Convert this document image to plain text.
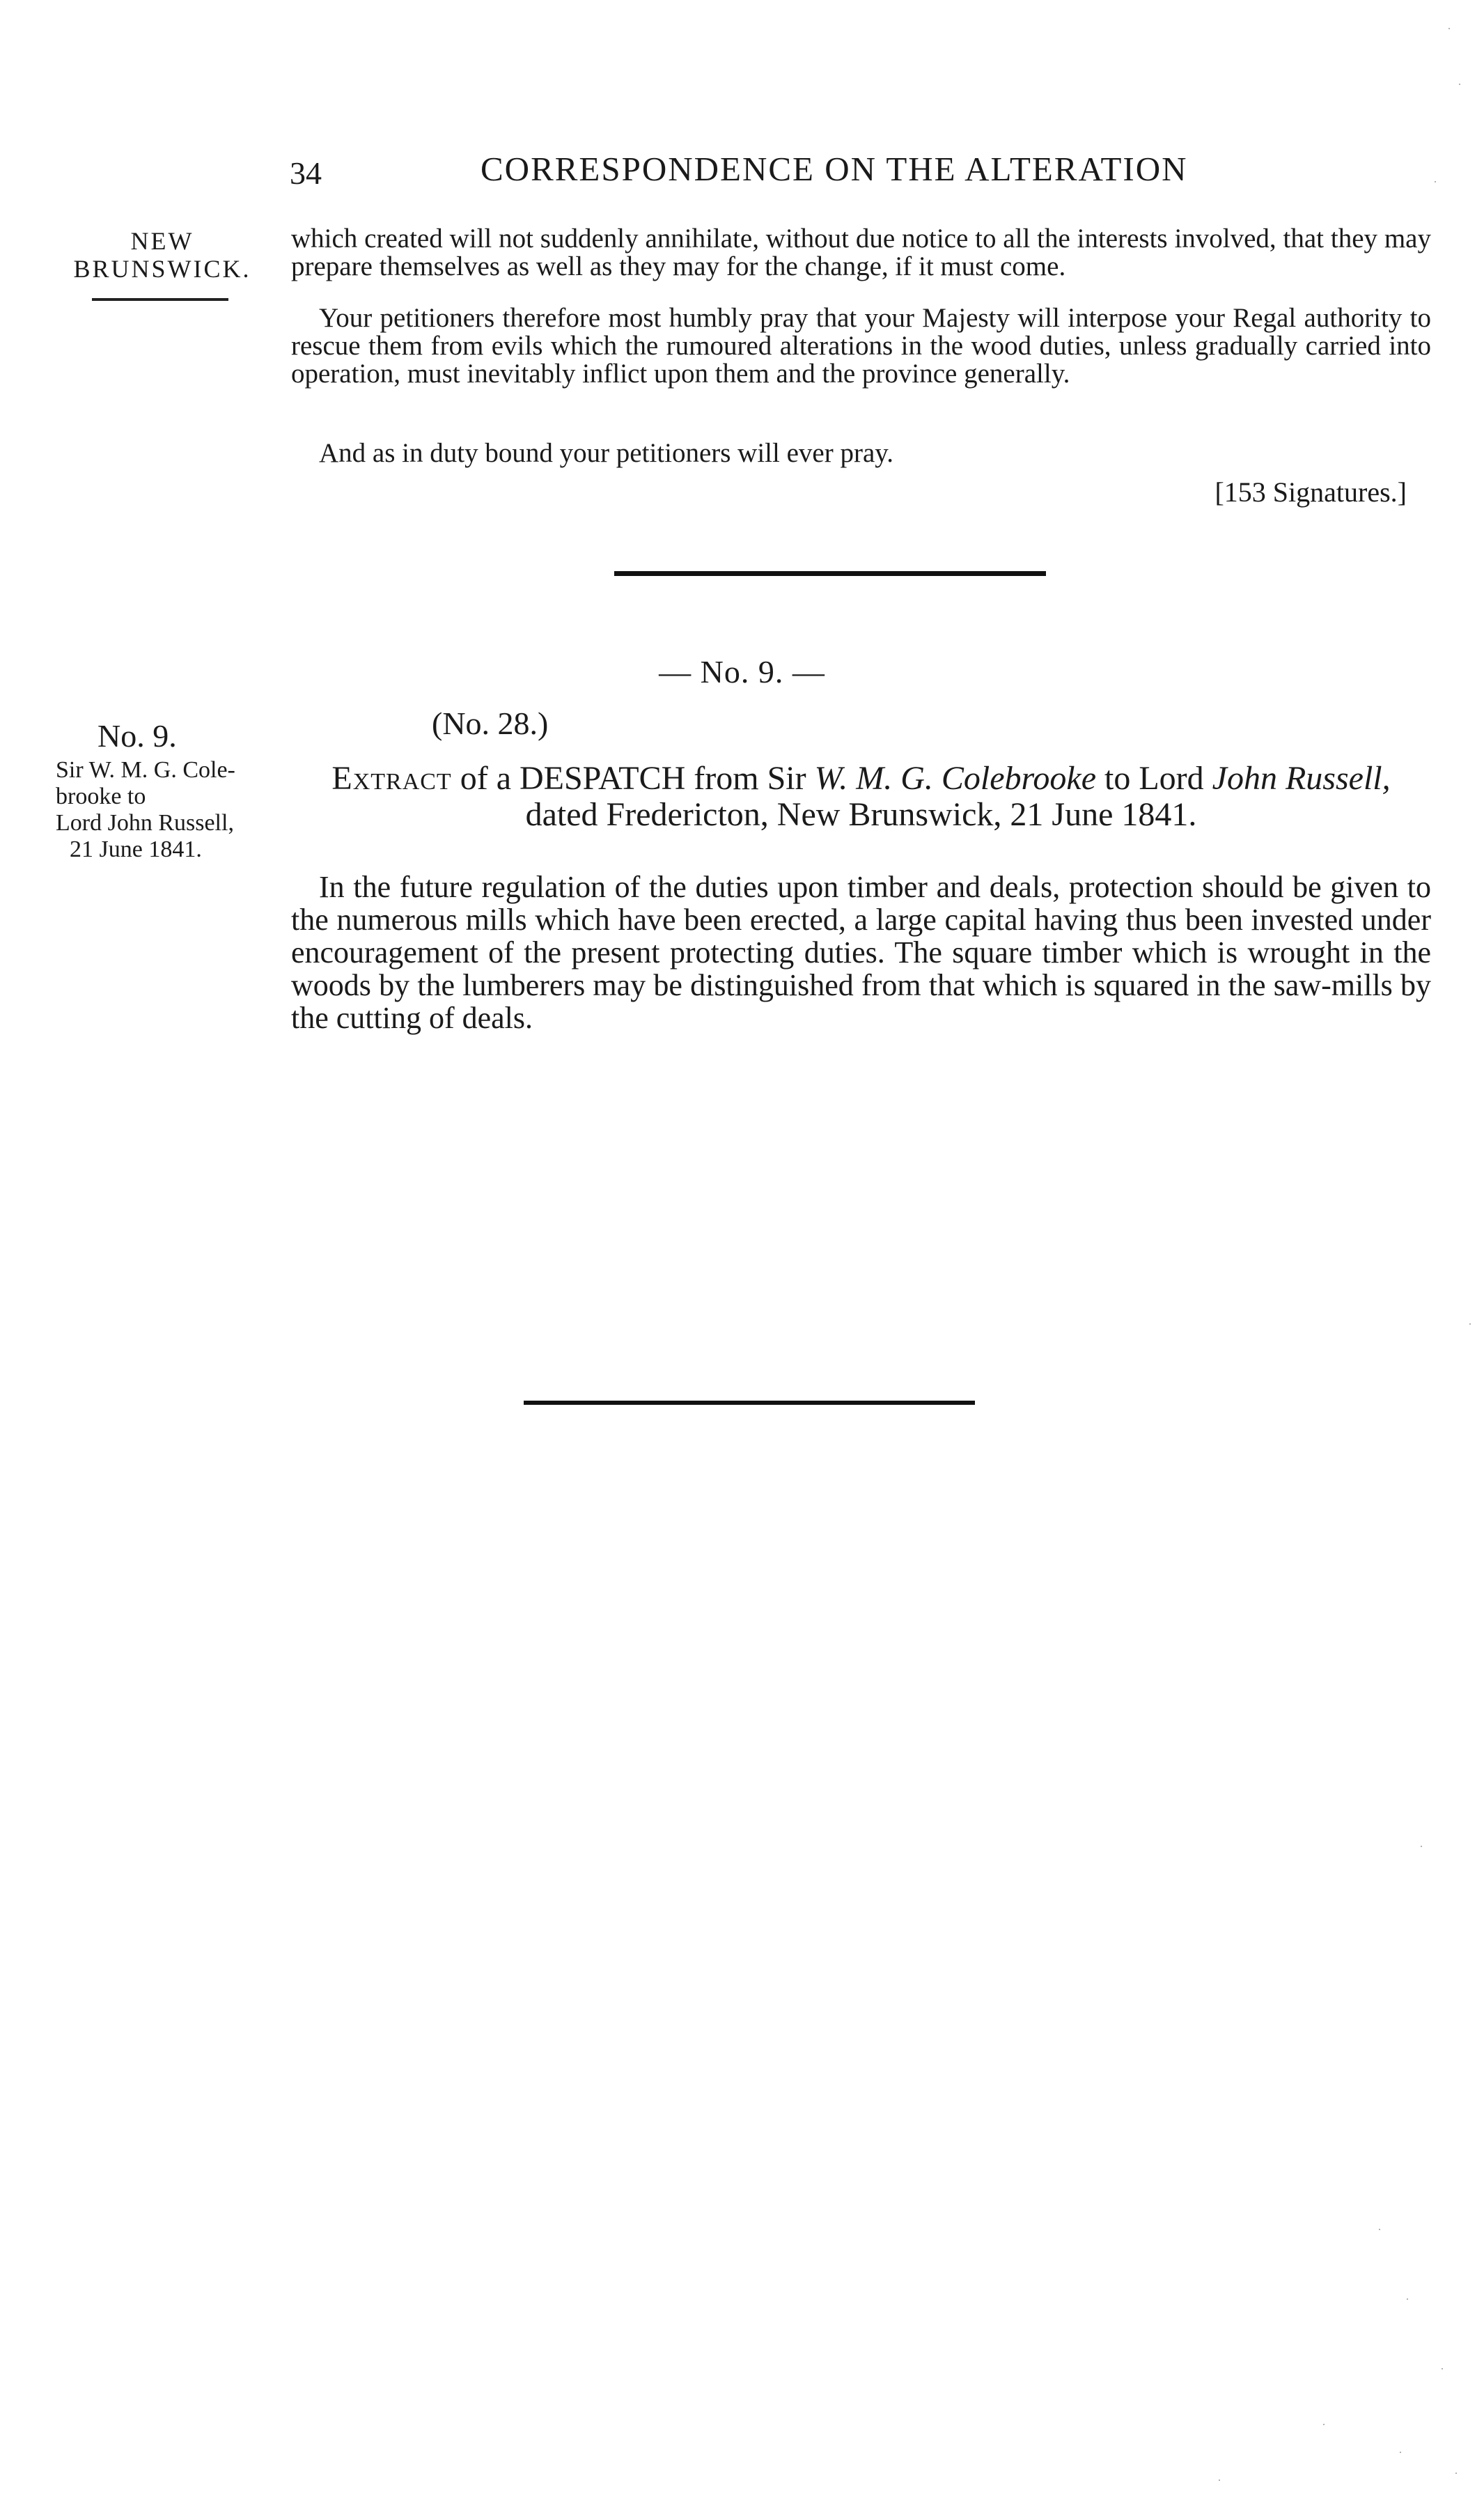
34	CORRESPONDENCE ON THE ALTERATION
NEW
BRUNSWICK.
which created will not suddenly annihilate, without due notice to all the interests involved, that they may prepare themselves as well as they may for the change, if it must come.
Your petitioners therefore most humbly pray that your Majesty will interpose your Regal authority to rescue them from evils which the rumoured alterations in the wood duties, unless gradually carried into operation, must inevitably inflict upon them and the province generally.
And as in duty bound your petitioners will ever pray.
[153 Signatures.]
— No. 9. —
No. 9.
Sir W. M. G. Cole-
brooke to
Lord John Russell,
21 June 1841.
(No. 28.)
Extract of a DESPATCH from Sir W. M. G. Colebrooke to Lord John Russell,
dated Fredericton, New Brunswick, 21 June 1841.
In the future regulation of the duties upon timber and deals, protection should be given to the numerous mills which have been erected, a large capital having thus been invested under encouragement of the present protecting duties. The square timber which is wrought in the woods by the lumberers may be distinguished from that which is squared in the saw-mills by the cutting of deals.
